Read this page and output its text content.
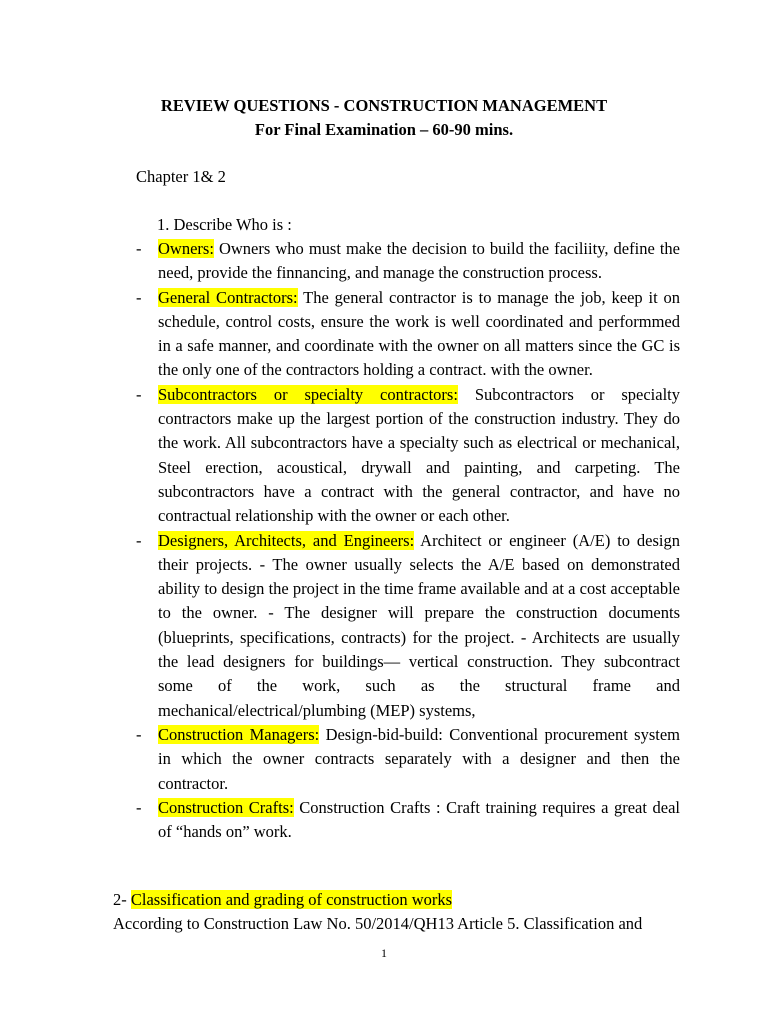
REVIEW QUESTIONS - CONSTRUCTION MANAGEMENT
For Final Examination – 60-90 mins.
Chapter 1& 2
1. Describe Who is :
- Owners: Owners who must make the decision to build the faciliity, define the need, provide the finnancing, and manage the construction process.
- General Contractors: The general contractor is to manage the job, keep it on schedule, control costs, ensure the work is well coordinated and performmed in a safe manner, and coordinate with the owner on all matters since the GC is the only one of the contractors holding a contract. with the owner.
- Subcontractors or specialty contractors: Subcontractors or specialty contractors make up the largest portion of the construction industry. They do the work. All subcontractors have a specialty such as electrical or mechanical, Steel erection, acoustical, drywall and painting, and carpeting. The subcontractors have a contract with the general contractor, and have no contractual relationship with the owner or each other.
- Designers, Architects, and Engineers: Architect or engineer (A/E) to design their projects. - The owner usually selects the A/E based on demonstrated ability to design the project in the time frame available and at a cost acceptable to the owner. - The designer will prepare the construction documents (blueprints, specifications, contracts) for the project. - Architects are usually the lead designers for buildings— vertical construction. They subcontract some of the work, such as the structural frame and mechanical/electrical/plumbing (MEP) systems,
- Construction Managers: Design-bid-build: Conventional procurement system in which the owner contracts separately with a designer and then the contractor.
- Construction Crafts: Construction Crafts : Craft training requires a great deal of “hands on” work.
2- Classification and grading of construction works
According to Construction Law No. 50/2014/QH13 Article 5. Classification and
1
